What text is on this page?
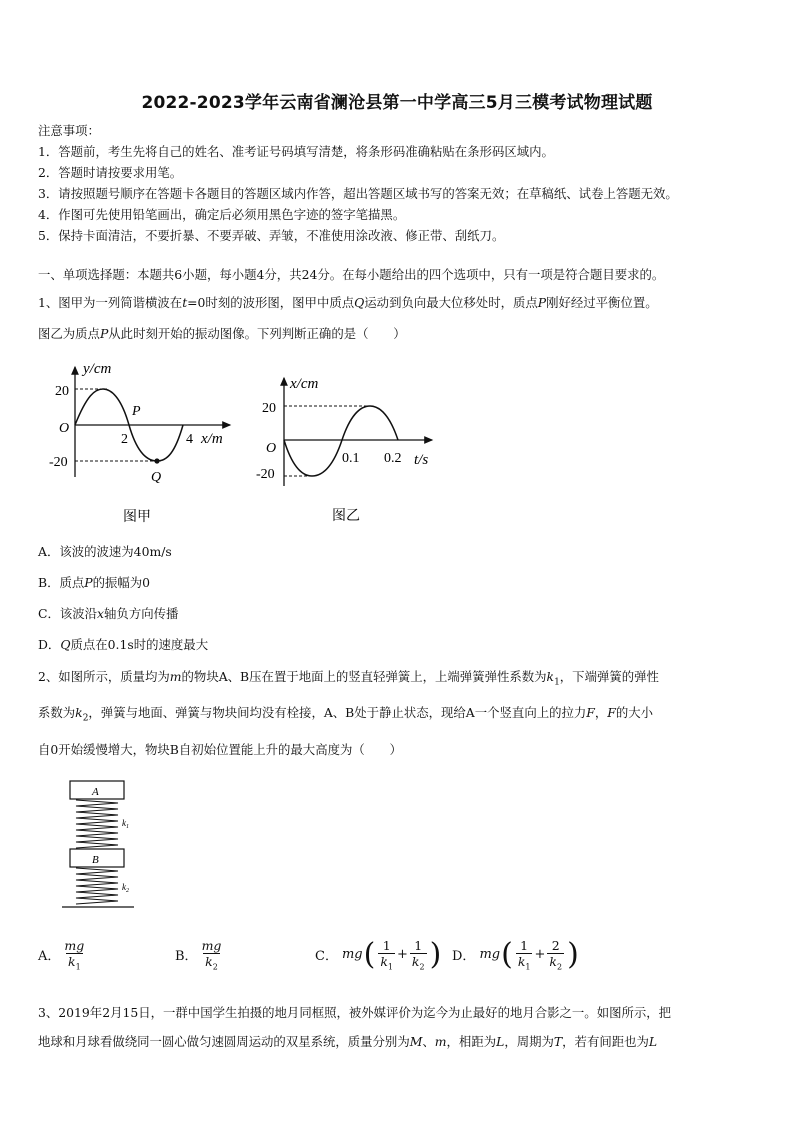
2022-2023学年云南省澜沧县第一中学高三5月三模考试物理试题
注意事项：
1．答题前，考生先将自己的姓名、准考证号码填写清楚，将条形码准确粘贴在条形码区域内。
2．答题时请按要求用笔。
3．请按照题号顺序在答题卡各题目的答题区域内作答，超出答题区域书写的答案无效；在草稿纸、试卷上答题无效。
4．作图可先使用铅笔画出，确定后必须用黑色字迹的签字笔描黑。
5．保持卡面清洁，不要折暴、不要弄破、弄皱，不准使用涂改液、修正带、刮纸刀。
一、单项选择题：本题共6小题，每小题4分，共24分。在每小题给出的四个选项中，只有一项是符合题目要求的。
1、图甲为一列简谐横波在t=0时刻的波形图，图甲中质点Q运动到负向最大位移处时，质点P刚好经过平衡位置。
图乙为质点P从此时刻开始的振动图像。下列判断正确的是（　　）
y/cm
x/m
O
20
-20
2	4
P
Q
图甲
x/cm
t/s
O
20
-20
0.1 0.2
图乙
A．该波的波速为40m/s
B．质点P的振幅为0
C．该波沿x轴负方向传播
D．Q质点在0.1s时的速度最大
2、如图所示，质量均为m的物块A、B压在置于地面上的竖直轻弹簧上，上端弹簧弹性系数为$k_1$，下端弹簧的弹性
系数为$k_2$，弹簧与地面、弹簧与物块间均没有栓接，A、B处于静止状态，现给A一个竖直向上的拉力F，F的大小
自0开始缓慢增大，物块B自初始位置能上升的最大高度为（　　）
A
$k_1$
B
$k_2$
A． $\frac{mg}{k_1}$	B． $\frac{mg}{k_2}$	C． mg ( $\frac{1}{k_1} + \frac{1}{k_2}$ ) D． mg ( $\frac{1}{k_1} + \frac{2}{k_2}$ )
3、2019年2月15日，一群中国学生拍摄的地月同框照，被外媒评价为迄今为止最好的地月合影之一。如图所示，把
地球和月球看做绕同一圆心做匀速圆周运动的双星系统，质量分别为M、m，相距为L，周期为T，若有间距也为L
